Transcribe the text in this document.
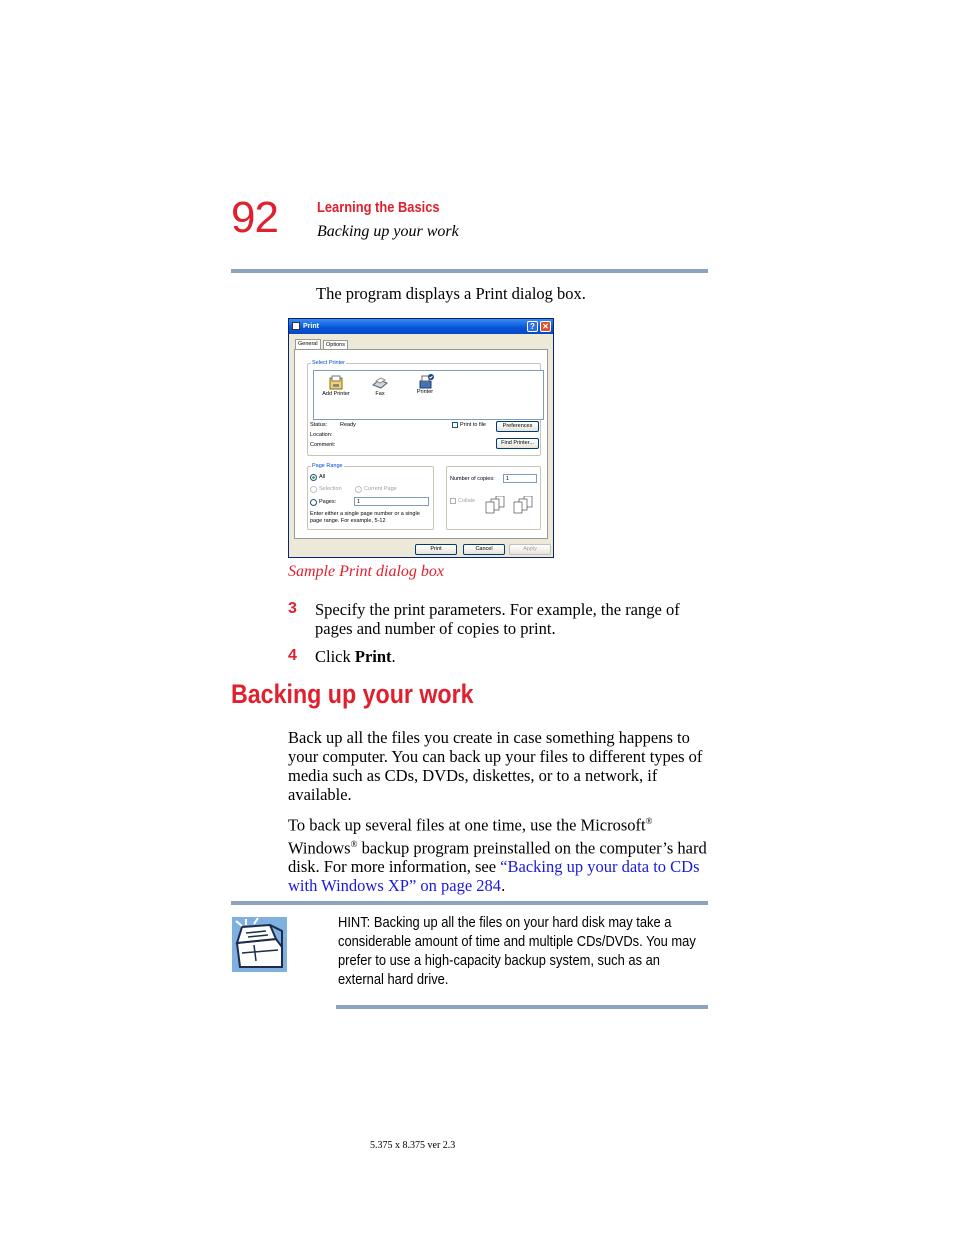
92	Learning the Basics
Backing up your work
The program displays a Print dialog box.
Print	? ✕
General	Options
Select Printer
Add Printer	Fax	Printer
Status: Ready
Location:
Comment:
Print to file	Preferences
Find Printer...
Page Range
All
Selection	Current Page
Pages:	1
Enter either a single page number or a single page range. For example, 5-12
Number of copies:	1
Collate
Print	Cancel	Apply
Sample Print dialog box
3 Specify the print parameters. For example, the range of pages and number of copies to print.
4 Click Print.
Backing up your work
Back up all the files you create in case something happens to your computer. You can back up your files to different types of media such as CDs, DVDs, diskettes, or to a network, if available.
To back up several files at one time, use the Microsoft® Windows® backup program preinstalled on the computer’s hard disk. For more information, see “Backing up your data to CDs with Windows XP” on page 284.
HINT: Backing up all the files on your hard disk may take a considerable amount of time and multiple CDs/DVDs. You may prefer to use a high-capacity backup system, such as an external hard drive.
5.375 x 8.375 ver 2.3
